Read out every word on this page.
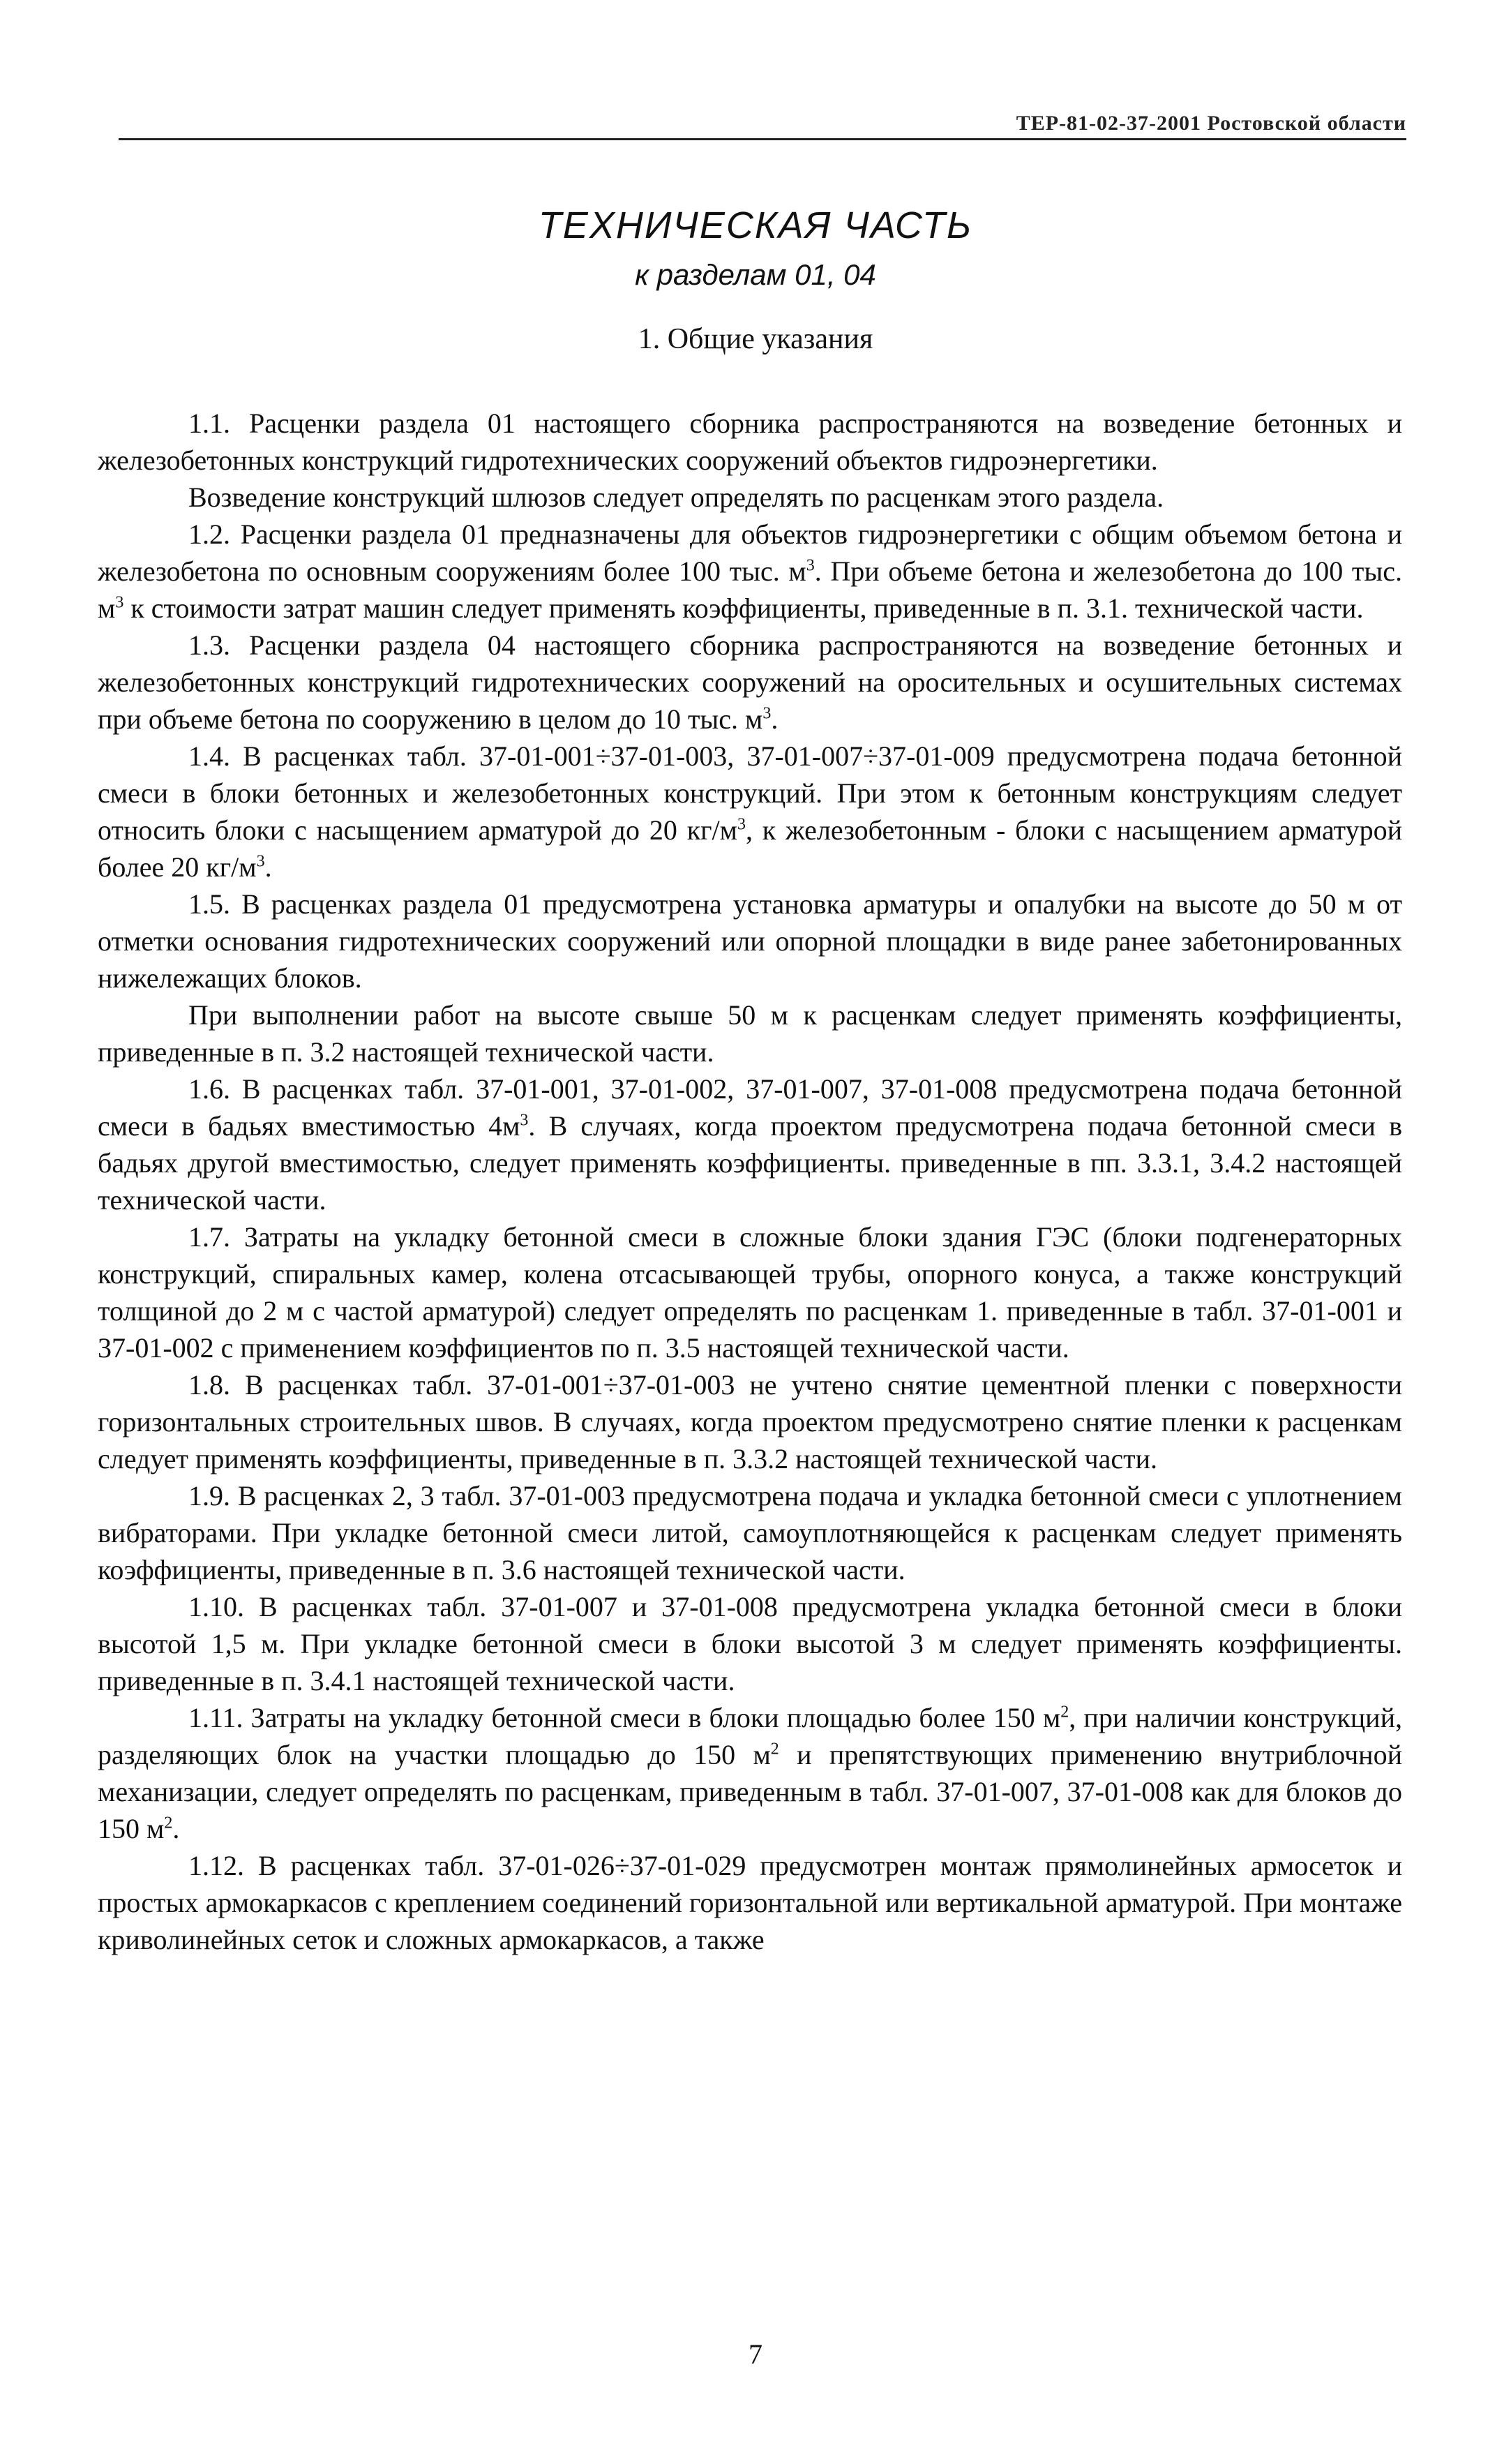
ТЕР-81-02-37-2001 Ростовской области
ТЕХНИЧЕСКАЯ ЧАСТЬ
к разделам 01, 04
1. Общие указания

1.1. Расценки раздела 01 настоящего сборника распространяются на возведение бетонных и железобетонных конструкций гидротехнических сооружений объектов гидроэнергетики.

Возведение конструкций шлюзов следует определять по расценкам этого раздела.

1.2. Расценки раздела 01 предназначены для объектов гидроэнергетики с общим объемом бетона и железобетона по основным сооружениям более 100 тыс. $м^3$. При объеме бетона и железобетона до 100 тыс. $м^3$ к стоимости затрат машин следует применять коэффициенты, приведенные в п. 3.1. технической части.

1.3. Расценки раздела 04 настоящего сборника распространяются на возведение бетонных и железобетонных конструкций гидротехнических сооружений на оросительных и осушительных системах при объеме бетона по сооружению в целом до 10 тыс. $м^3$.

1.4. В расценках табл. 37-01-001÷37-01-003, 37-01-007÷37-01-009 предусмотрена подача бетонной смеси в блоки бетонных и железобетонных конструкций. При этом к бетонным конструкциям следует относить блоки с насыщением арматурой до 20 $кг/м^3$, к железобетонным - блоки с насыщением арматурой более 20 $кг/м^3$.

1.5. В расценках раздела 01 предусмотрена установка арматуры и опалубки на высоте до 50 м от отметки основания гидротехнических сооружений или опорной площадки в виде ранее забетонированных нижележащих блоков.

При выполнении работ на высоте свыше 50 м к расценкам следует применять коэффициенты, приведенные в п. 3.2 настоящей технической части.

1.6. В расценках табл. 37-01-001, 37-01-002, 37-01-007, 37-01-008 предусмотрена подача бетонной смеси в бадьях вместимостью $4м^3$. В случаях, когда проектом предусмотрена подача бетонной смеси в бадьях другой вместимостью, следует применять коэффициенты. приведенные в пп. 3.3.1, 3.4.2 настоящей технической части.

1.7. Затраты на укладку бетонной смеси в сложные блоки здания ГЭС (блоки подгенераторных конструкций, спиральных камер, колена отсасывающей трубы, опорного конуса, а также конструкций толщиной до 2 м с частой арматурой) следует определять по расценкам 1. приведенные в табл. 37-01-001 и 37-01-002 с применением коэффициентов по п. 3.5 настоящей технической части.

1.8. В расценках табл. 37-01-001÷37-01-003 не учтено снятие цементной пленки с поверхности горизонтальных строительных швов. В случаях, когда проектом предусмотрено снятие пленки к расценкам следует применять коэффициенты, приведенные в п. 3.3.2 настоящей технической части.

1.9. В расценках 2, 3 табл. 37-01-003 предусмотрена подача и укладка бетонной смеси с уплотнением вибраторами. При укладке бетонной смеси литой, самоуплотняющейся к расценкам следует применять коэффициенты, приведенные в п. 3.6 настоящей технической части.

1.10. В расценках табл. 37-01-007 и 37-01-008 предусмотрена укладка бетонной смеси в блоки высотой 1,5 м. При укладке бетонной смеси в блоки высотой 3 м следует применять коэффициенты. приведенные в п. 3.4.1 настоящей технической части.

1.11. Затраты на укладку бетонной смеси в блоки площадью более 150 $м^2$, при наличии конструкций, разделяющих блок на участки площадью до 150 $м^2$ и препятствующих применению внутриблочной механизации, следует определять по расценкам, приведенным в табл. 37-01-007, 37-01-008 как для блоков до 150 $м^2$.

1.12. В расценках табл. 37-01-026÷37-01-029 предусмотрен монтаж прямолинейных армосеток и простых армокаркасов с креплением соединений горизонтальной или вертикальной арматурой. При монтаже криволинейных сеток и сложных армокаркасов, а также

7
